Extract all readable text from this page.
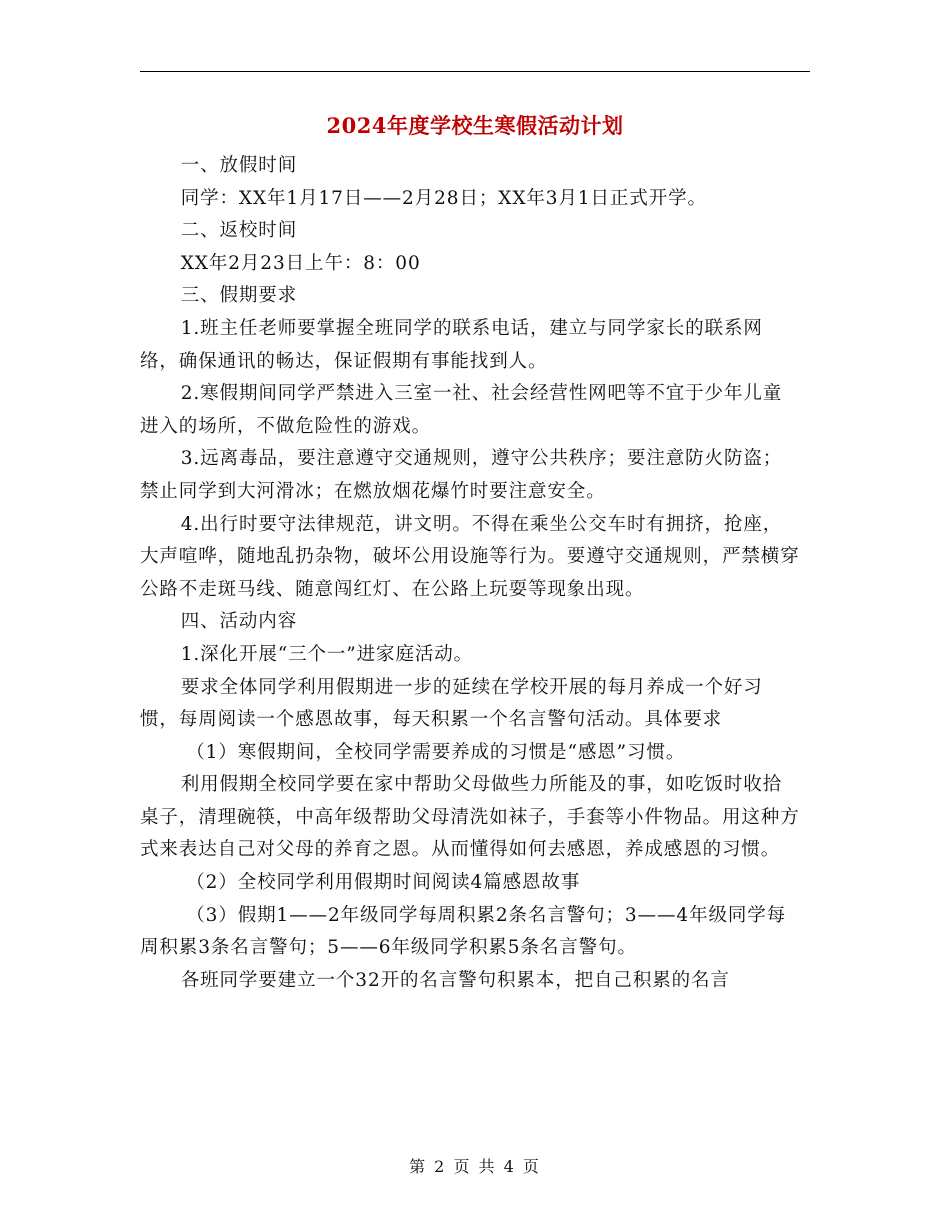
2024年度学校生寒假活动计划

一、放假时间

同学：XX年1月17日——2月28日；XX年3月1日正式开学。

二、返校时间

XX年2月23日上午：8：00

三、假期要求

1.班主任老师要掌握全班同学的联系电话，建立与同学家长的联系网络，确保通讯的畅达，保证假期有事能找到人。

2.寒假期间同学严禁进入三室一社、社会经营性网吧等不宜于少年儿童进入的场所，不做危险性的游戏。

3.远离毒品，要注意遵守交通规则，遵守公共秩序；要注意防火防盗；禁止同学到大河滑冰；在燃放烟花爆竹时要注意安全。

4.出行时要守法律规范，讲文明。不得在乘坐公交车时有拥挤，抢座，大声喧哗，随地乱扔杂物，破坏公用设施等行为。要遵守交通规则，严禁横穿公路不走斑马线、随意闯红灯、在公路上玩耍等现象出现。

四、活动内容

1.深化开展“三个一”进家庭活动。

要求全体同学利用假期进一步的延续在学校开展的每月养成一个好习惯，每周阅读一个感恩故事，每天积累一个名言警句活动。具体要求

（1）寒假期间，全校同学需要养成的习惯是“感恩”习惯。

利用假期全校同学要在家中帮助父母做些力所能及的事，如吃饭时收拾桌子，清理碗筷，中高年级帮助父母清洗如袜子，手套等小件物品。用这种方式来表达自己对父母的养育之恩。从而懂得如何去感恩，养成感恩的习惯。

（2）全校同学利用假期时间阅读4篇感恩故事

（3）假期1——2年级同学每周积累2条名言警句；3——4年级同学每周积累3条名言警句；5——6年级同学积累5条名言警句。

各班同学要建立一个32开的名言警句积累本，把自己积累的名言

第 2 页 共 4 页
